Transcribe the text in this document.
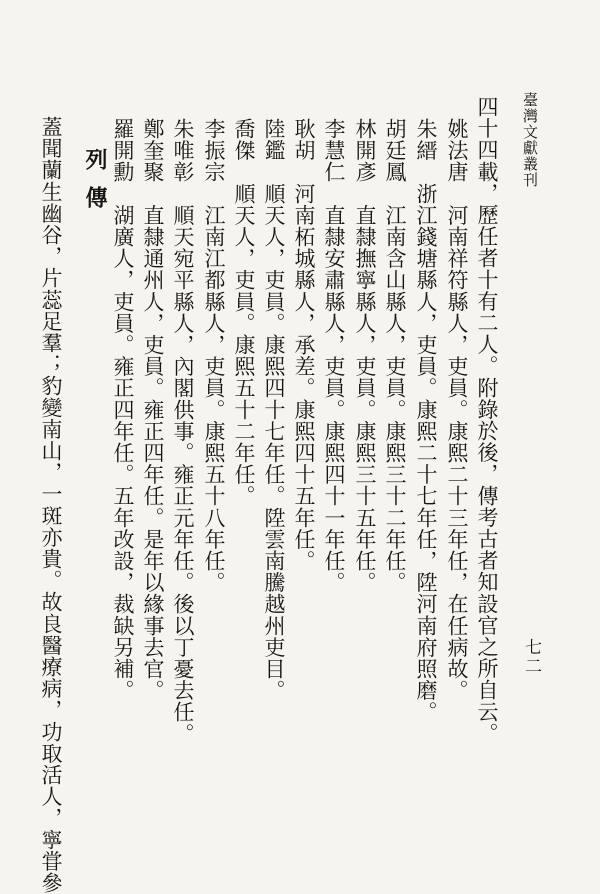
臺灣文獻叢刊
七二
四十四載，歷任者十有二人。附錄於後，傳考古者知設官之所自云。
姚法唐　河南祥符縣人，吏員。康熙二十三年任，在任病故。
朱縉　浙江錢塘縣人，吏員。康熙二十七年任，陞河南府照磨。
胡廷鳳　江南含山縣人，吏員。康熙三十二年任。
林開彥　直隸撫寧縣人，吏員。康熙三十五年任。
李慧仁　直隸安肅縣人，吏員。康熙四十一年任。
耿胡　河南柘城縣人，承差。康熙四十五年任。
陸鑑　順天人，吏員。康熙四十七年任。陞雲南騰越州吏目。
喬傑　順天人，吏員。康熙五十二年任。
李振宗　江南江都縣人，吏員。康熙五十八年任。
朱唯彰　順天宛平縣人，內閣供事。雍正元年任。後以丁憂去任。
鄭奎聚　直隸通州人，吏員。雍正四年任。是年以緣事去官。
羅開勳　湖廣人，吏員。雍正四年任。五年改設，裁缺另補。
列傳
蓋聞蘭生幽谷，片蕊足羣；豹變南山，一斑亦貴。故良醫療病，功取活人，寧甞參
